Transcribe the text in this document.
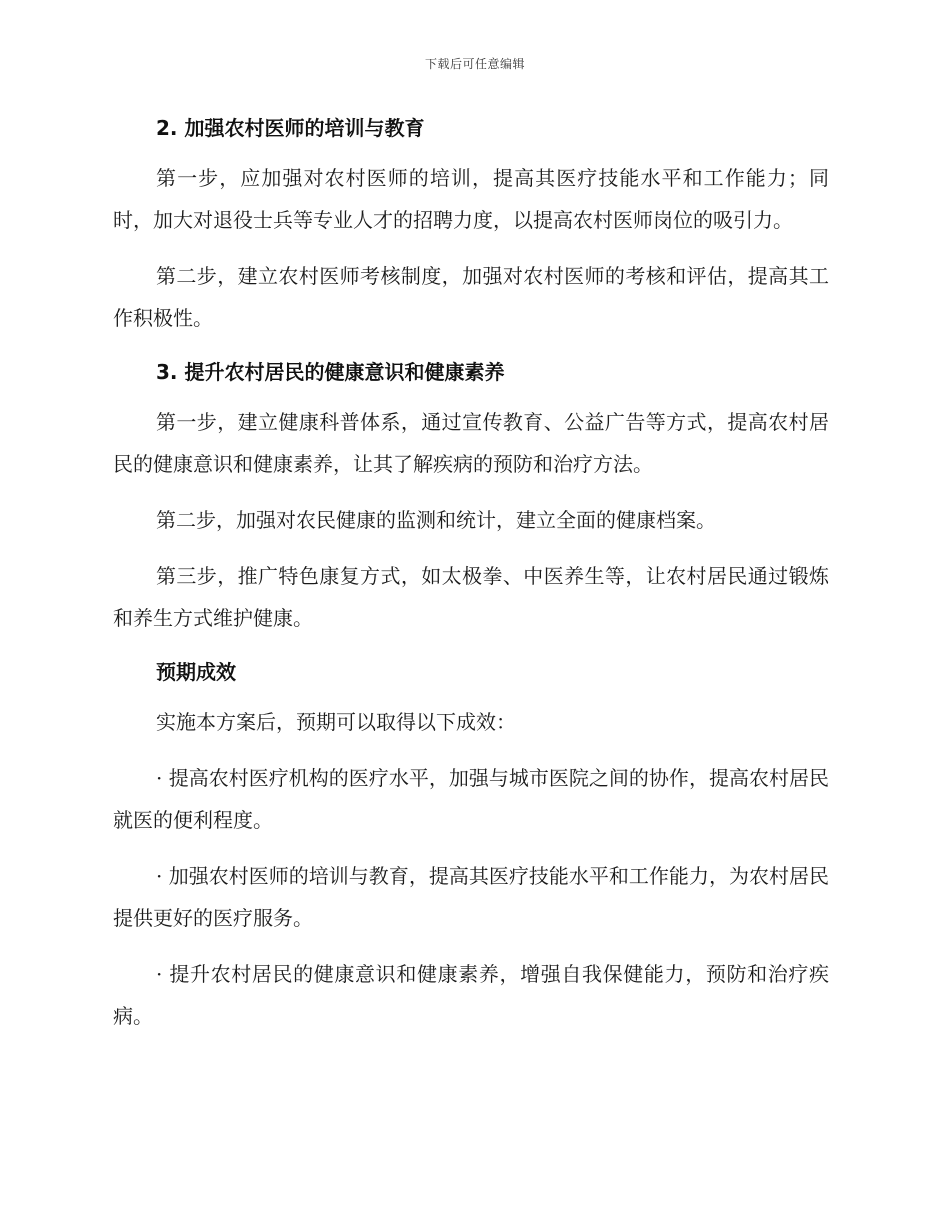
下载后可任意编辑
2. 加强农村医师的培训与教育

第一步，应加强对农村医师的培训，提高其医疗技能水平和工作能力；同时，加大对退役士兵等专业人才的招聘力度，以提高农村医师岗位的吸引力。

第二步，建立农村医师考核制度，加强对农村医师的考核和评估，提高其工作积极性。

3. 提升农村居民的健康意识和健康素养

第一步，建立健康科普体系，通过宣传教育、公益广告等方式，提高农村居民的健康意识和健康素养，让其了解疾病的预防和治疗方法。

第二步，加强对农民健康的监测和统计，建立全面的健康档案。

第三步，推广特色康复方式，如太极拳、中医养生等，让农村居民通过锻炼和养生方式维护健康。

预期成效

实施本方案后，预期可以取得以下成效：

· 提高农村医疗机构的医疗水平，加强与城市医院之间的协作，提高农村居民就医的便利程度。

· 加强农村医师的培训与教育，提高其医疗技能水平和工作能力，为农村居民提供更好的医疗服务。

· 提升农村居民的健康意识和健康素养，增强自我保健能力，预防和治疗疾病。
